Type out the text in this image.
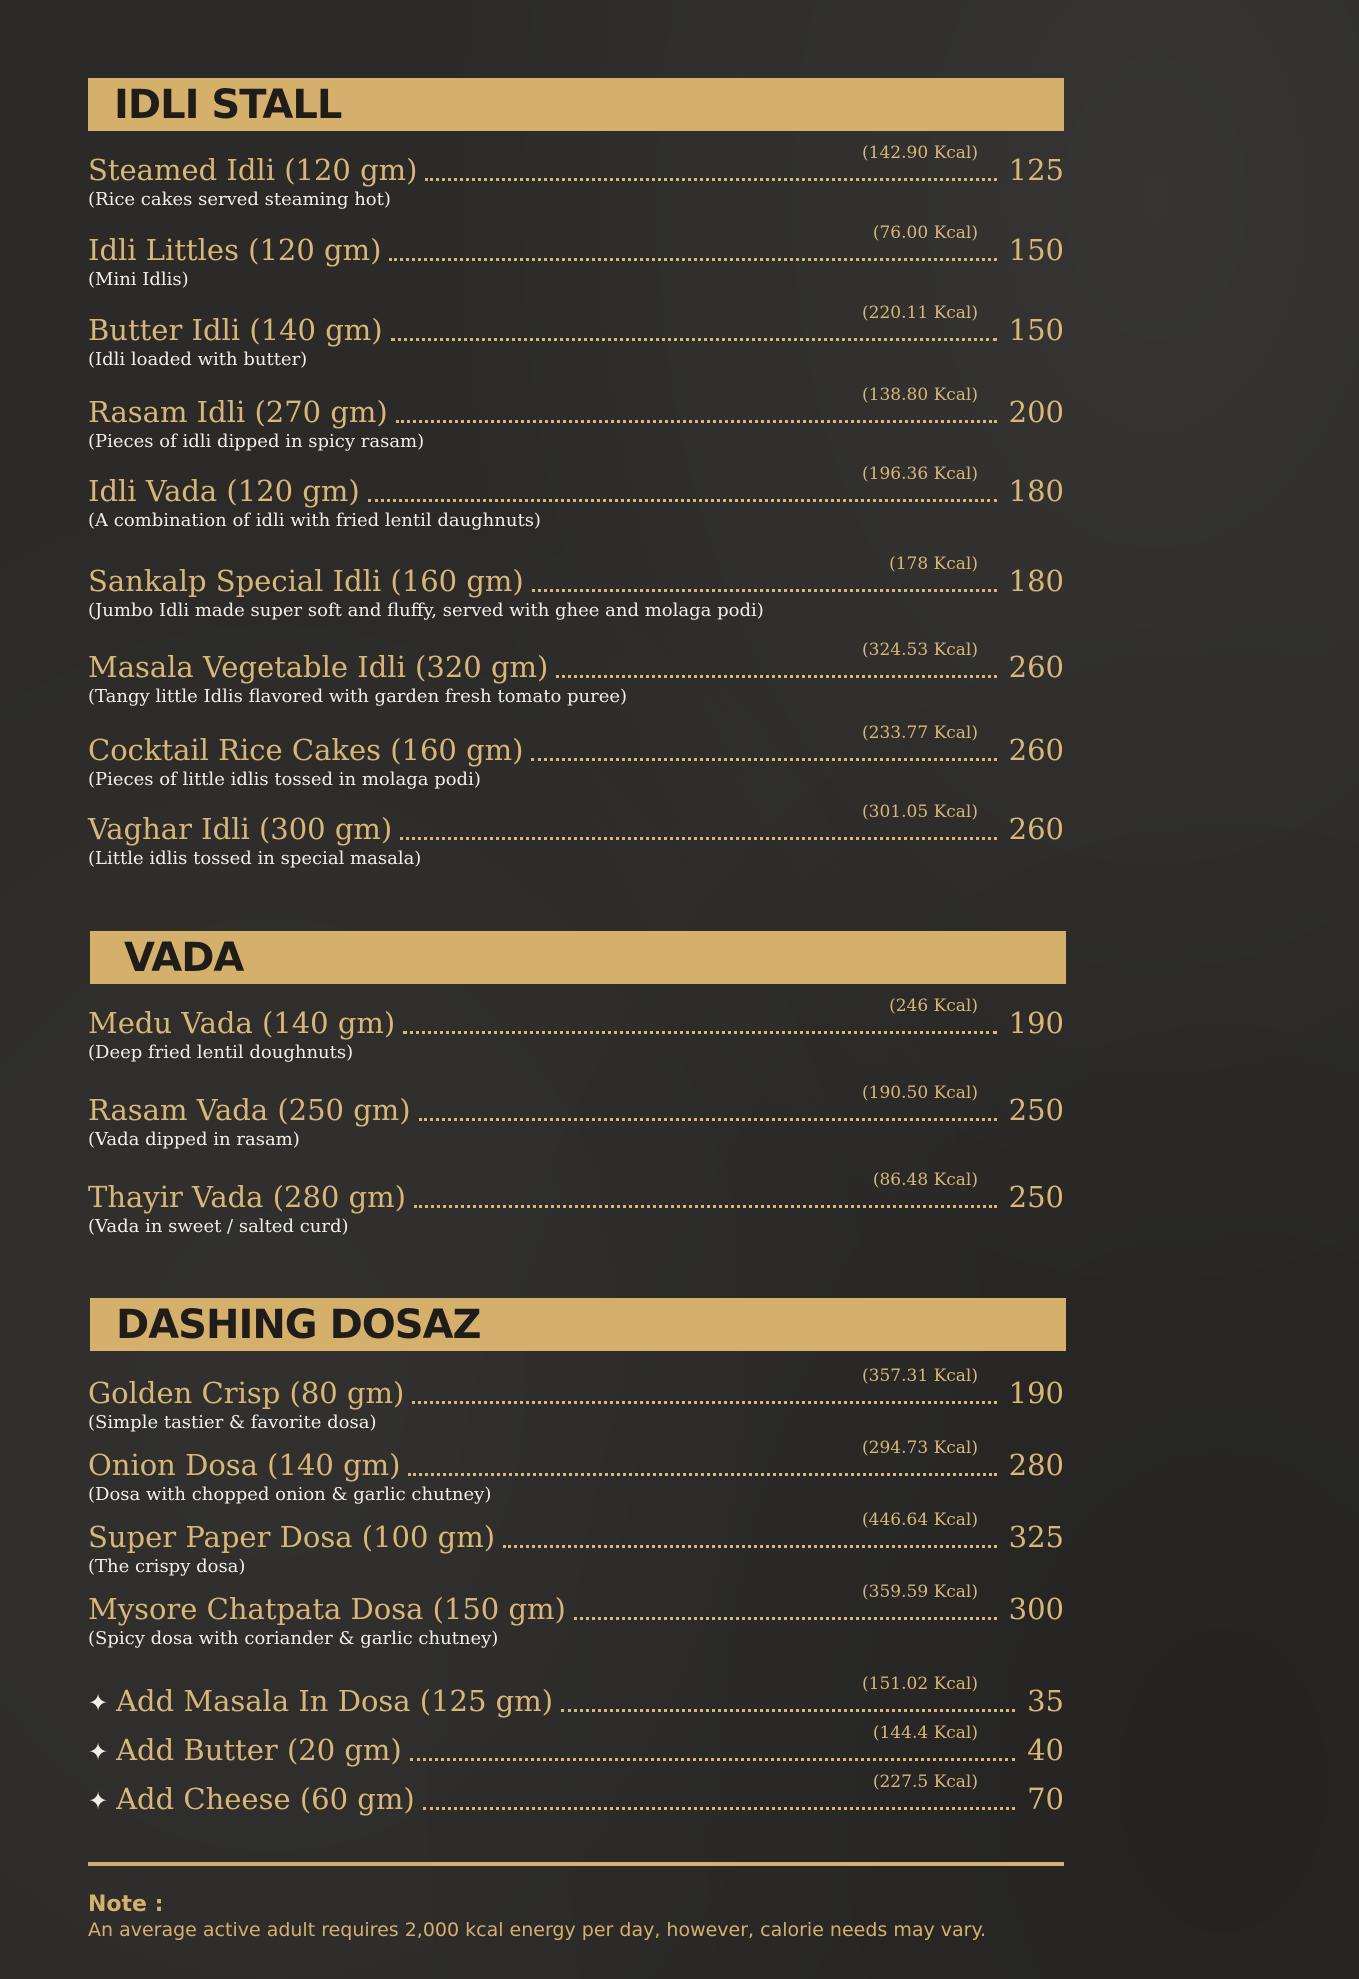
IDLI STALL
Steamed Idli (120 gm)	(142.90 Kcal) 125
(Rice cakes served steaming hot)
Idli Littles (120 gm)	(76.00 Kcal) 150
(Mini Idlis)
Butter Idli (140 gm)	(220.11 Kcal) 150
(Idli loaded with butter)
Rasam Idli (270 gm)	(138.80 Kcal) 200
(Pieces of idli dipped in spicy rasam)
Idli Vada (120 gm)	(196.36 Kcal) 180
(A combination of idli with fried lentil daughnuts)
Sankalp Special Idli (160 gm)	(178 Kcal) 180
(Jumbo Idli made super soft and fluffy, served with ghee and molaga podi)
Masala Vegetable Idli (320 gm)	(324.53 Kcal) 260
(Tangy little Idlis flavored with garden fresh tomato puree)
Cocktail Rice Cakes (160 gm)	(233.77 Kcal) 260
(Pieces of little idlis tossed in molaga podi)
Vaghar Idli (300 gm)	(301.05 Kcal) 260
(Little idlis tossed in special masala)
VADA
Medu Vada (140 gm)	(246 Kcal) 190
(Deep fried lentil doughnuts)
Rasam Vada (250 gm)	(190.50 Kcal) 250
(Vada dipped in rasam)
Thayir Vada (280 gm)	(86.48 Kcal) 250
(Vada in sweet / salted curd)
DASHING DOSAZ
Golden Crisp (80 gm)	(357.31 Kcal) 190
(Simple tastier & favorite dosa)
Onion Dosa (140 gm)	(294.73 Kcal) 280
(Dosa with chopped onion & garlic chutney)
Super Paper Dosa (100 gm)	(446.64 Kcal) 325
(The crispy dosa)
Mysore Chatpata Dosa (150 gm)	(359.59 Kcal) 300
(Spicy dosa with coriander & garlic chutney)
✦ Add Masala In Dosa (125 gm)	(151.02 Kcal) 35
✦ Add Butter (20 gm)	(144.4 Kcal) 40
✦ Add Cheese (60 gm)	(227.5 Kcal) 70
Note :
An average active adult requires 2,000 kcal energy per day, however, calorie needs may vary.
